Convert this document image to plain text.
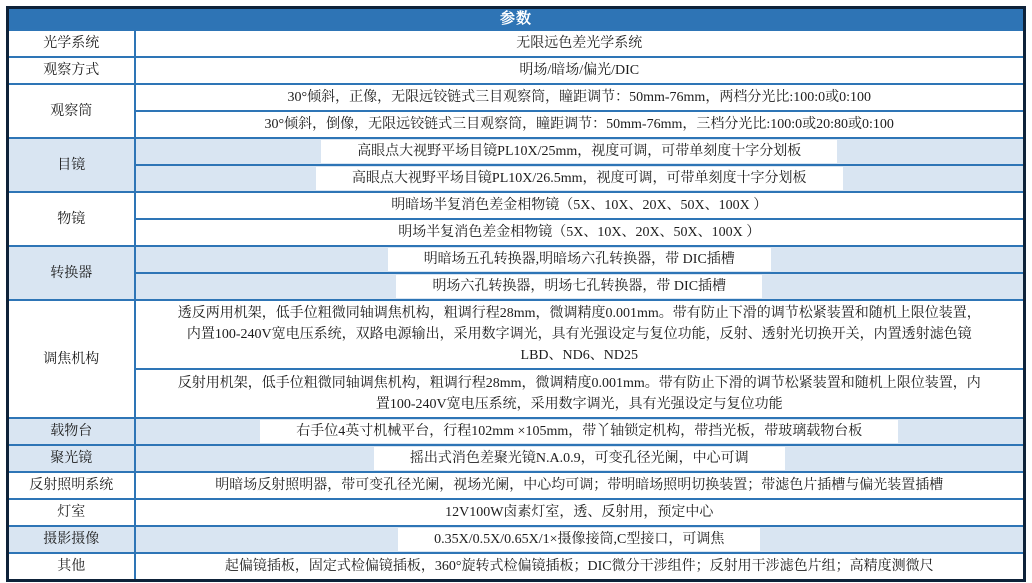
参数	
光学系统	无限远色差光学系统
观察方式	明场/暗场/偏光/DIC
观察筒	30°倾斜，正像，无限远铰链式三目观察筒，瞳距调节：50mm-76mm，两档分光比:100:0或0:100
	30°倾斜，倒像，无限远铰链式三目观察筒，瞳距调节：50mm-76mm，三档分光比:100:0或20:80或0:100
目镜	高眼点大视野平场目镜PL10X/25mm，视度可调，可带单刻度十字分划板
	高眼点大视野平场目镜PL10X/26.5mm，视度可调，可带单刻度十字分划板
物镜	明暗场半复消色差金相物镜（5X、10X、20X、50X、100X ）
	明场半复消色差金相物镜（5X、10X、20X、50X、100X ）
转换器	明暗场五孔转换器,明暗场六孔转换器，带 DIC插槽
	明场六孔转换器，明场七孔转换器，带 DIC插槽
调焦机构	透反两用机架，低手位粗微同轴调焦机构，粗调行程28mm，微调精度0.001mm。带有防止下滑的调节松紧装置和随机上限位装置，内置100-240V宽电压系统，双路电源输出，采用数字调光，具有光强设定与复位功能，反射、透射光切换开关，内置透射滤色镜LBD、ND6、ND25
	反射用机架，低手位粗微同轴调焦机构，粗调行程28mm，微调精度0.001mm。带有防止下滑的调节松紧装置和随机上限位装置，内置100-240V宽电压系统，采用数字调光，具有光强设定与复位功能
载物台	右手位4英寸机械平台，行程102mm ×105mm，带丫轴锁定机构，带挡光板，带玻璃载物台板
聚光镜	摇出式消色差聚光镜N.A.0.9，可变孔径光阑，中心可调
反射照明系统	明暗场反射照明器，带可变孔径光阑，视场光阑，中心均可调；带明暗场照明切换装置；带滤色片插槽与偏光装置插槽
灯室	12V100W卤素灯室，透、反射用，预定中心
摄影摄像	0.35X/0.5X/0.65X/1×摄像接筒,C型接口，可调焦
其他	起偏镜插板，固定式检偏镜插板，360°旋转式检偏镜插板；DIC微分干涉组件；反射用干涉滤色片组；高精度测微尺
